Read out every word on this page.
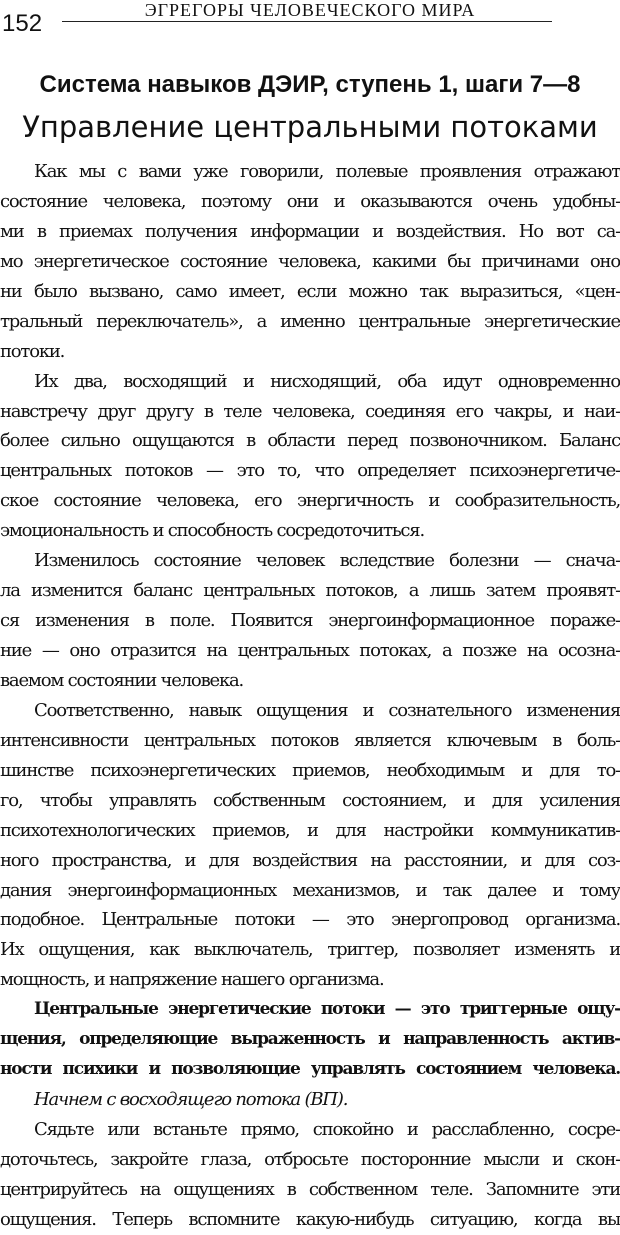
152	ЭГРЕГОРЫ ЧЕЛОВЕЧЕСКОГО МИРА
Система навыков ДЭИР, ступень 1, шаги 7—8
Управление центральными потоками
Как мы с вами уже говорили, полевые проявления отражают
состояние человека, поэтому они и оказываются очень удобны-
ми в приемах получения информации и воздействия. Но вот са-
мо энергетическое состояние человека, какими бы причинами оно
ни было вызвано, само имеет, если можно так выразиться, «цен-
тральный переключатель», а именно центральные энергетические
потоки.
Их два, восходящий и нисходящий, оба идут одновременно
навстречу друг другу в теле человека, соединяя его чакры, и наи-
более сильно ощущаются в области перед позвоночником. Баланс
центральных потоков — это то, что определяет психоэнергетиче-
ское состояние человека, его энергичность и сообразительность,
эмоциональность и способность сосредоточиться.
Изменилось состояние человек вследствие болезни — снача-
ла изменится баланс центральных потоков, а лишь затем проявят-
ся изменения в поле. Появится энергоинформационное пораже-
ние — оно отразится на центральных потоках, а позже на осозна-
ваемом состоянии человека.
Соответственно, навык ощущения и сознательного изменения
интенсивности центральных потоков является ключевым в боль-
шинстве психоэнергетических приемов, необходимым и для то-
го, чтобы управлять собственным состоянием, и для усиления
психотехнологических приемов, и для настройки коммуникатив-
ного пространства, и для воздействия на расстоянии, и для соз-
дания энергоинформационных механизмов, и так далее и тому
подобное. Центральные потоки — это энергопровод организма.
Их ощущения, как выключатель, триггер, позволяет изменять и
мощность, и напряжение нашего организма.
Центральные энергетические потоки — это триггерные ощу-
щения, определяющие выраженность и направленность актив-
ности психики и позволяющие управлять состоянием человека.
Начнем с восходящего потока (ВП).
Сядьте или встаньте прямо, спокойно и расслабленно, сосре-
доточьтесь, закройте глаза, отбросьте посторонние мысли и скон-
центрируйтесь на ощущениях в собственном теле. Запомните эти
ощущения. Теперь вспомните какую-нибудь ситуацию, когда вы
